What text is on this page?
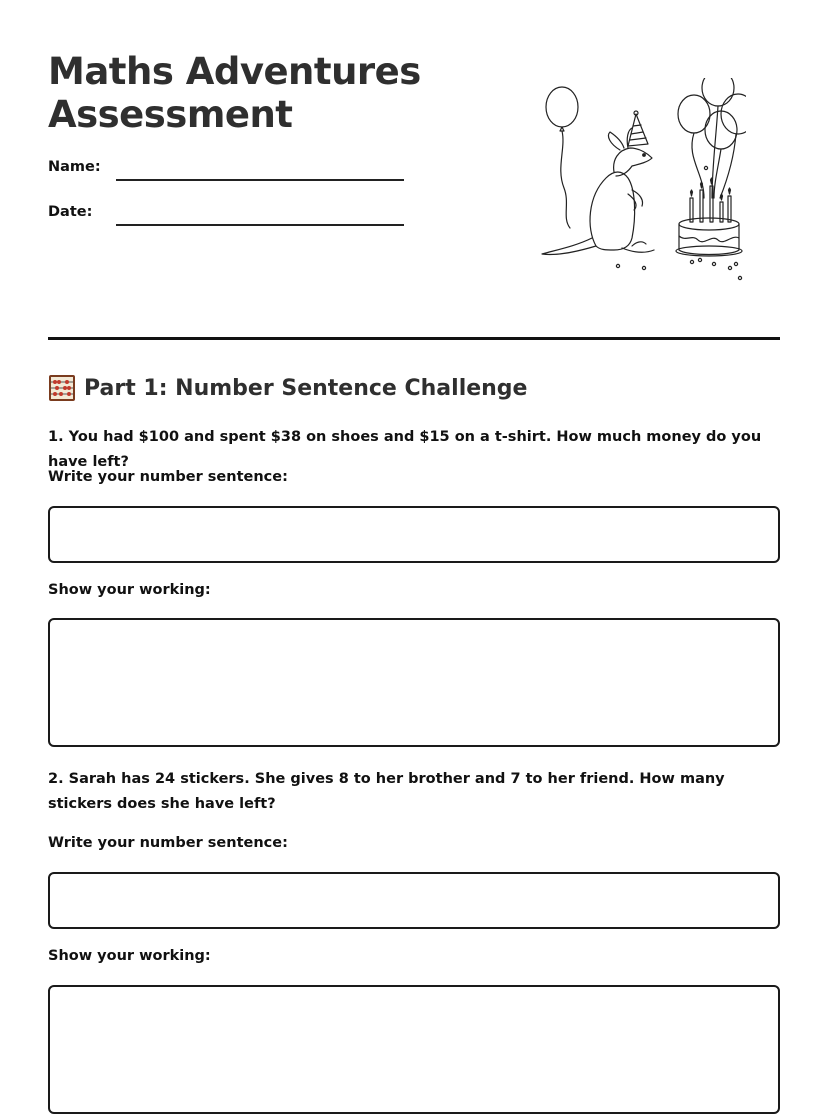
Maths Adventures
Assessment
Name:
Date:
Part 1: Number Sentence Challenge
1. You had $100 and spent $38 on shoes and $15 on a t-shirt. How much money do you have left?
Write your number sentence:
Show your working:
2. Sarah has 24 stickers. She gives 8 to her brother and 7 to her friend. How many stickers does she have left?
Write your number sentence:
Show your working:
